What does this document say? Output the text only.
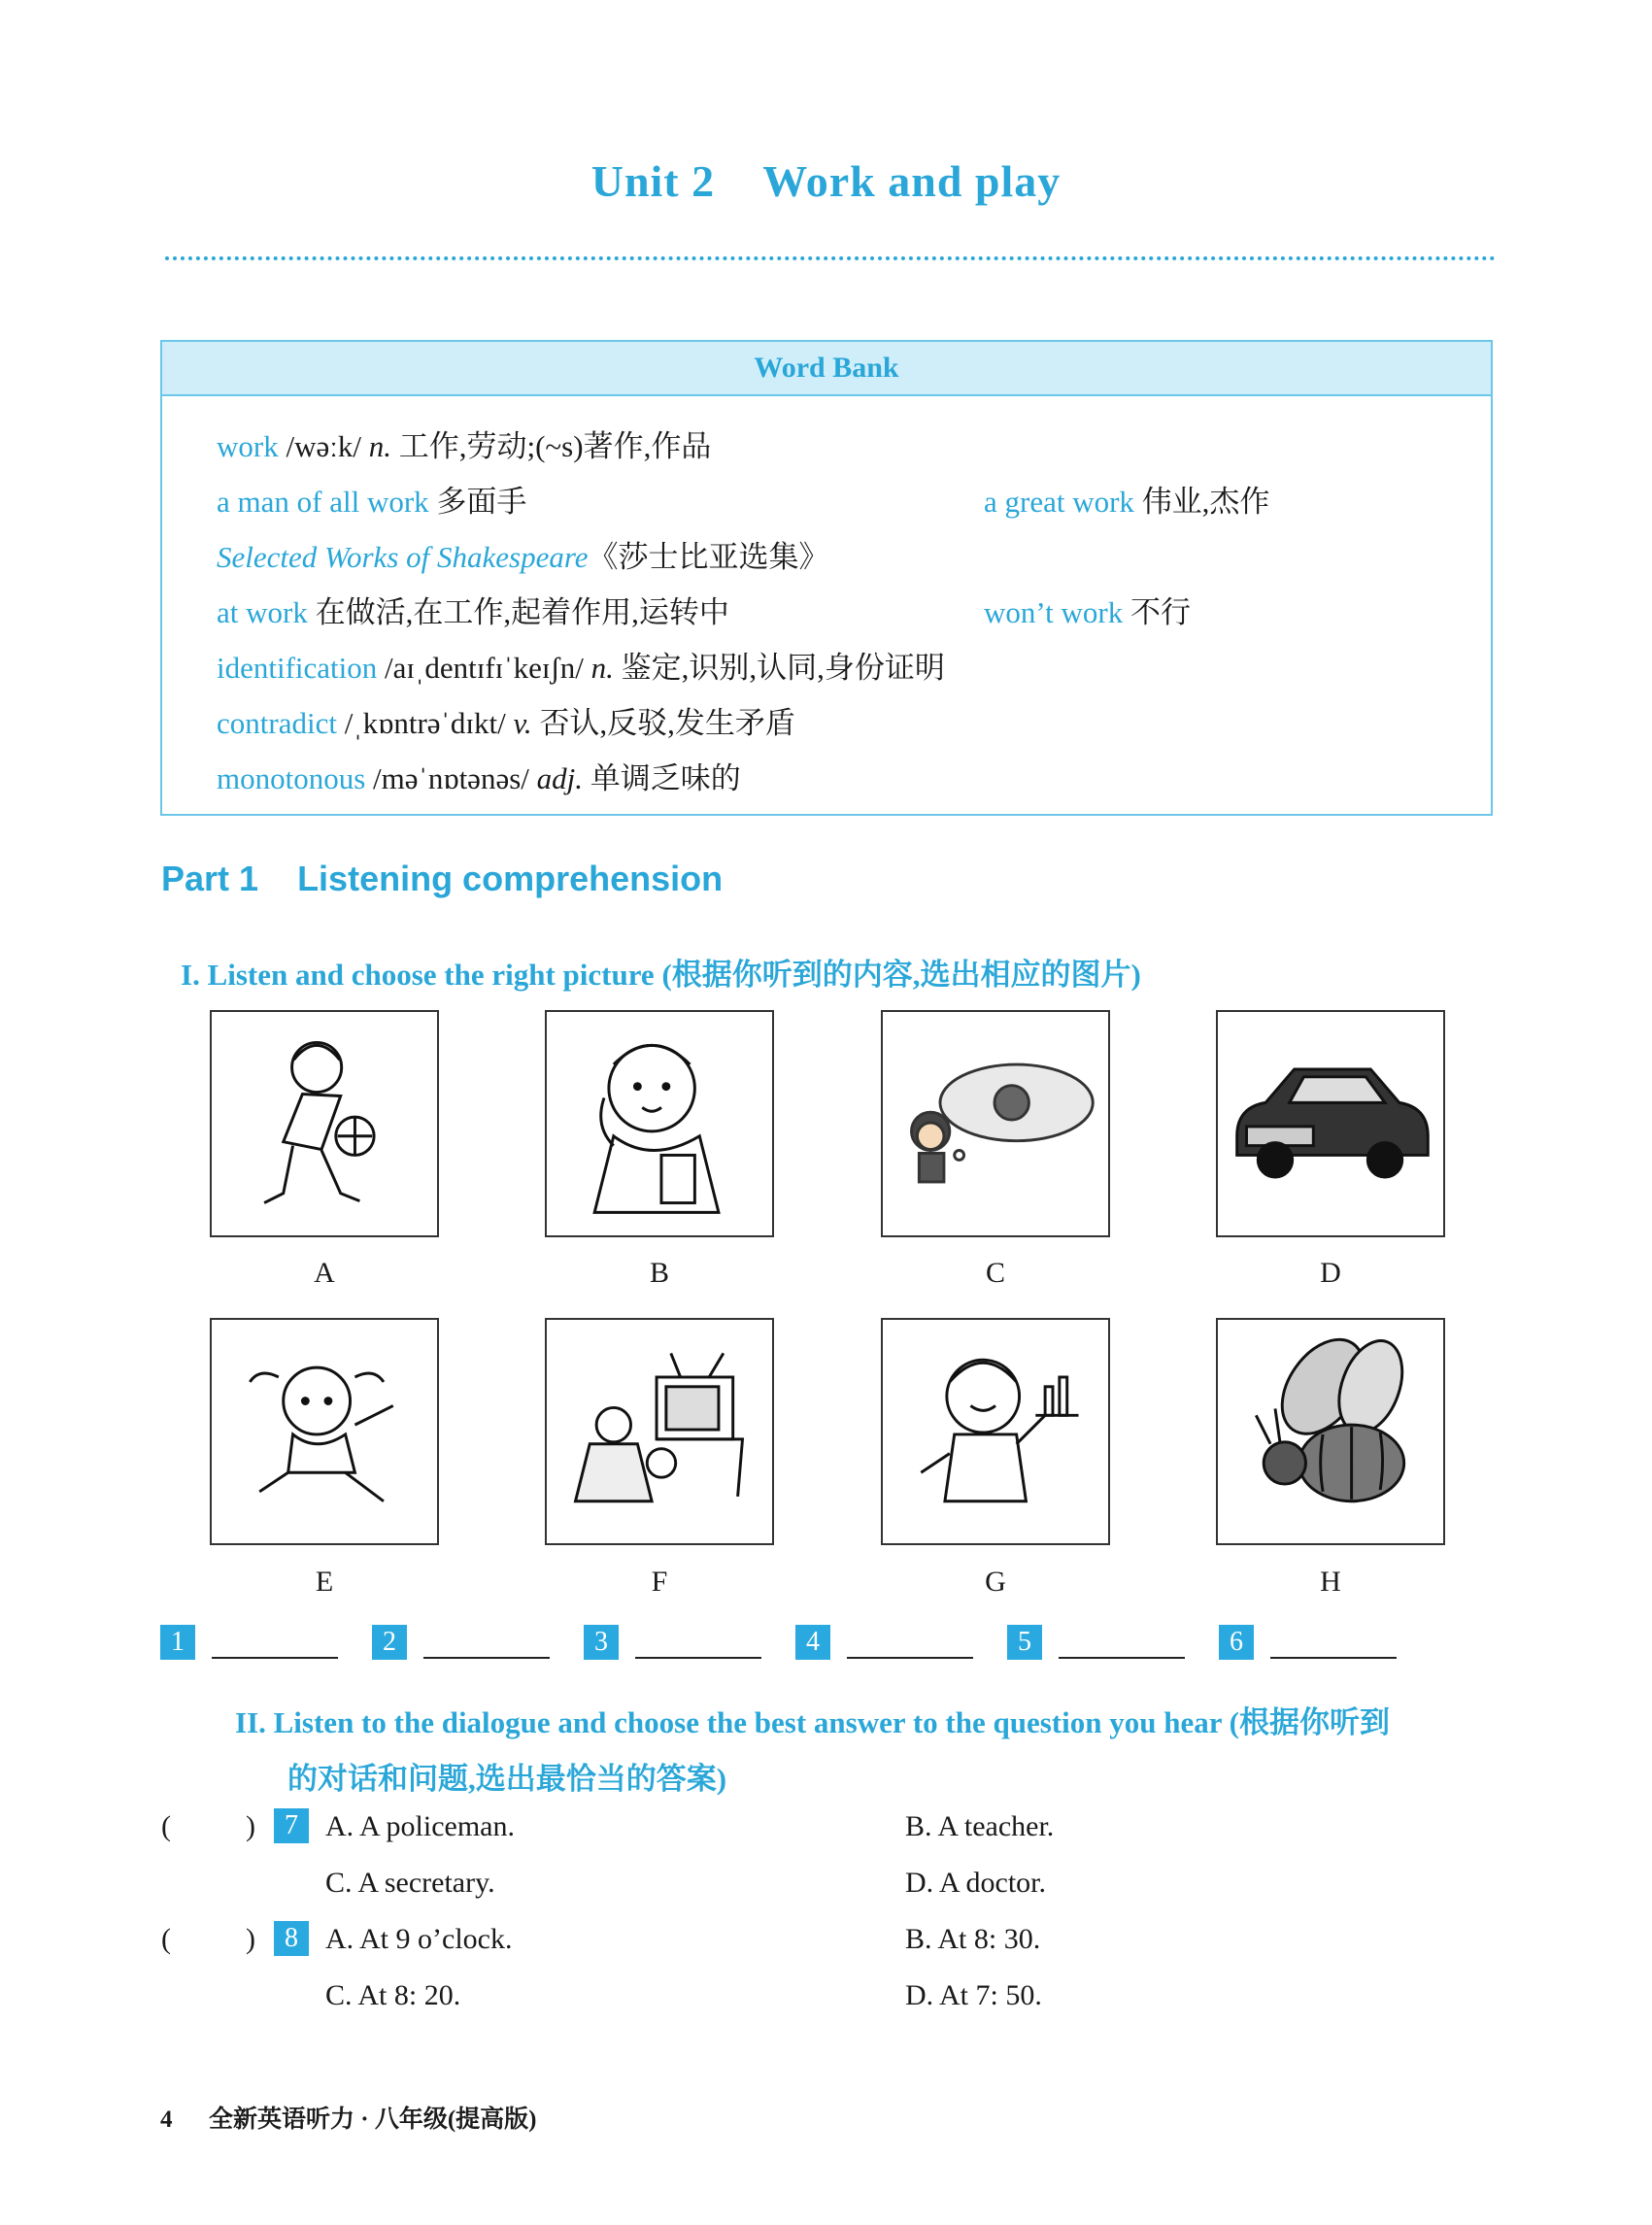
Unit 2    Work and play
Word Bank
work /wəːk/ n. 工作,劳动;(~s)著作,作品
a man of all work 多面手	a great work 伟业,杰作
Selected Works of Shakespeare《莎士比亚选集》
at work 在做活,在工作,起着作用,运转中	won’t work 不行
identification /aɪˌdentɪfɪˈkeɪʃn/ n. 鉴定,识别,认同,身份证明
contradict /ˌkɒntrəˈdɪkt/ v. 否认,反驳,发生矛盾
monotonous /məˈnɒtənəs/ adj. 单调乏味的
Part 1    Listening comprehension
I. Listen and choose the right picture (根据你听到的内容,选出相应的图片)
A	B	C	D
E	F	G	H
1	2	3	4	5	6
II. Listen to the dialogue and choose the best answer to the question you hear (根据你听到
的对话和问题,选出最恰当的答案)
(	)	7 A. A policeman.	B. A teacher.
C. A secretary.	D. A doctor.
(	)	8 A. At 9 o’clock.	B. At 8: 30.
C. At 8: 20.	D. At 7: 50.
4      全新英语听力 · 八年级(提高版)
